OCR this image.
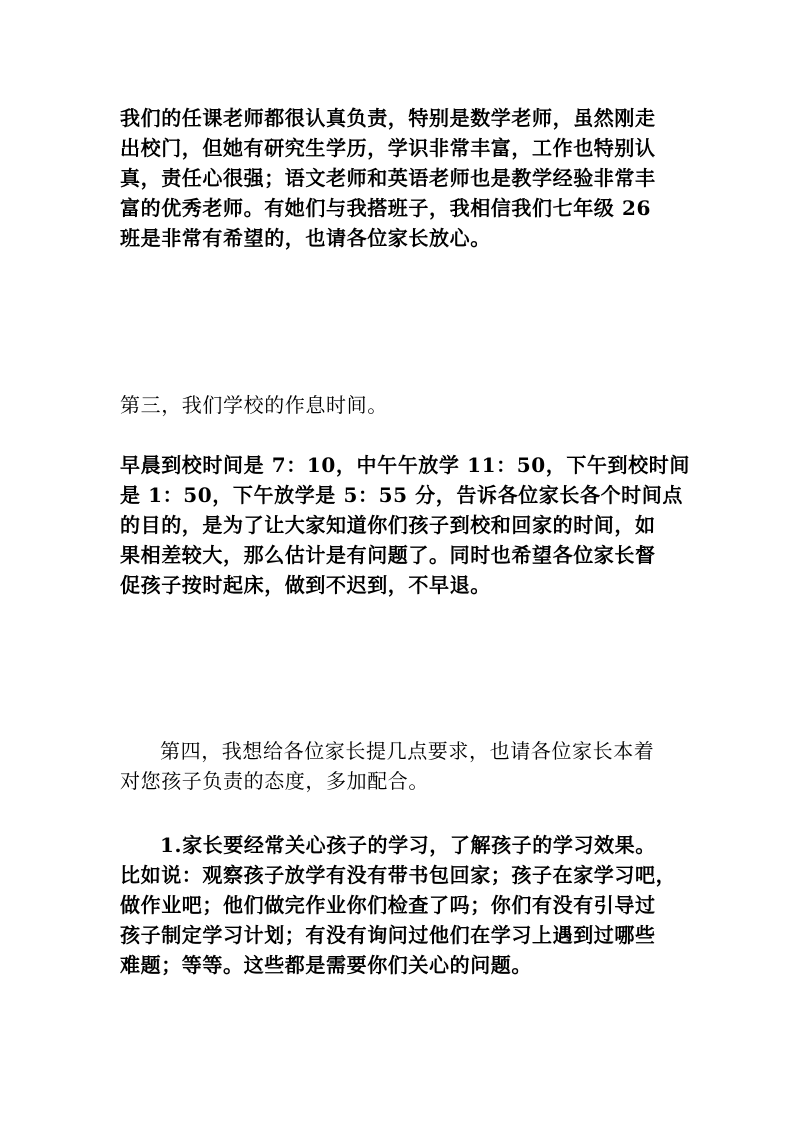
我们的任课老师都很认真负责，特别是数学老师，虽然刚走
出校门，但她有研究生学历，学识非常丰富，工作也特别认
真，责任心很强；语文老师和英语老师也是教学经验非常丰
富的优秀老师。有她们与我搭班子，我相信我们七年级 26
班是非常有希望的，也请各位家长放心。
第三，我们学校的作息时间。
早晨到校时间是 7：10，中午午放学 11：50，下午到校时间
是 1：50，下午放学是 5：55 分，告诉各位家长各个时间点
的目的，是为了让大家知道你们孩子到校和回家的时间，如
果相差较大，那么估计是有问题了。同时也希望各位家长督
促孩子按时起床，做到不迟到，不早退。
第四，我想给各位家长提几点要求，也请各位家长本着
对您孩子负责的态度，多加配合。
1.家长要经常关心孩子的学习，了解孩子的学习效果。
比如说：观察孩子放学有没有带书包回家；孩子在家学习吧，
做作业吧；他们做完作业你们检查了吗；你们有没有引导过
孩子制定学习计划；有没有询问过他们在学习上遇到过哪些
难题；等等。这些都是需要你们关心的问题。
